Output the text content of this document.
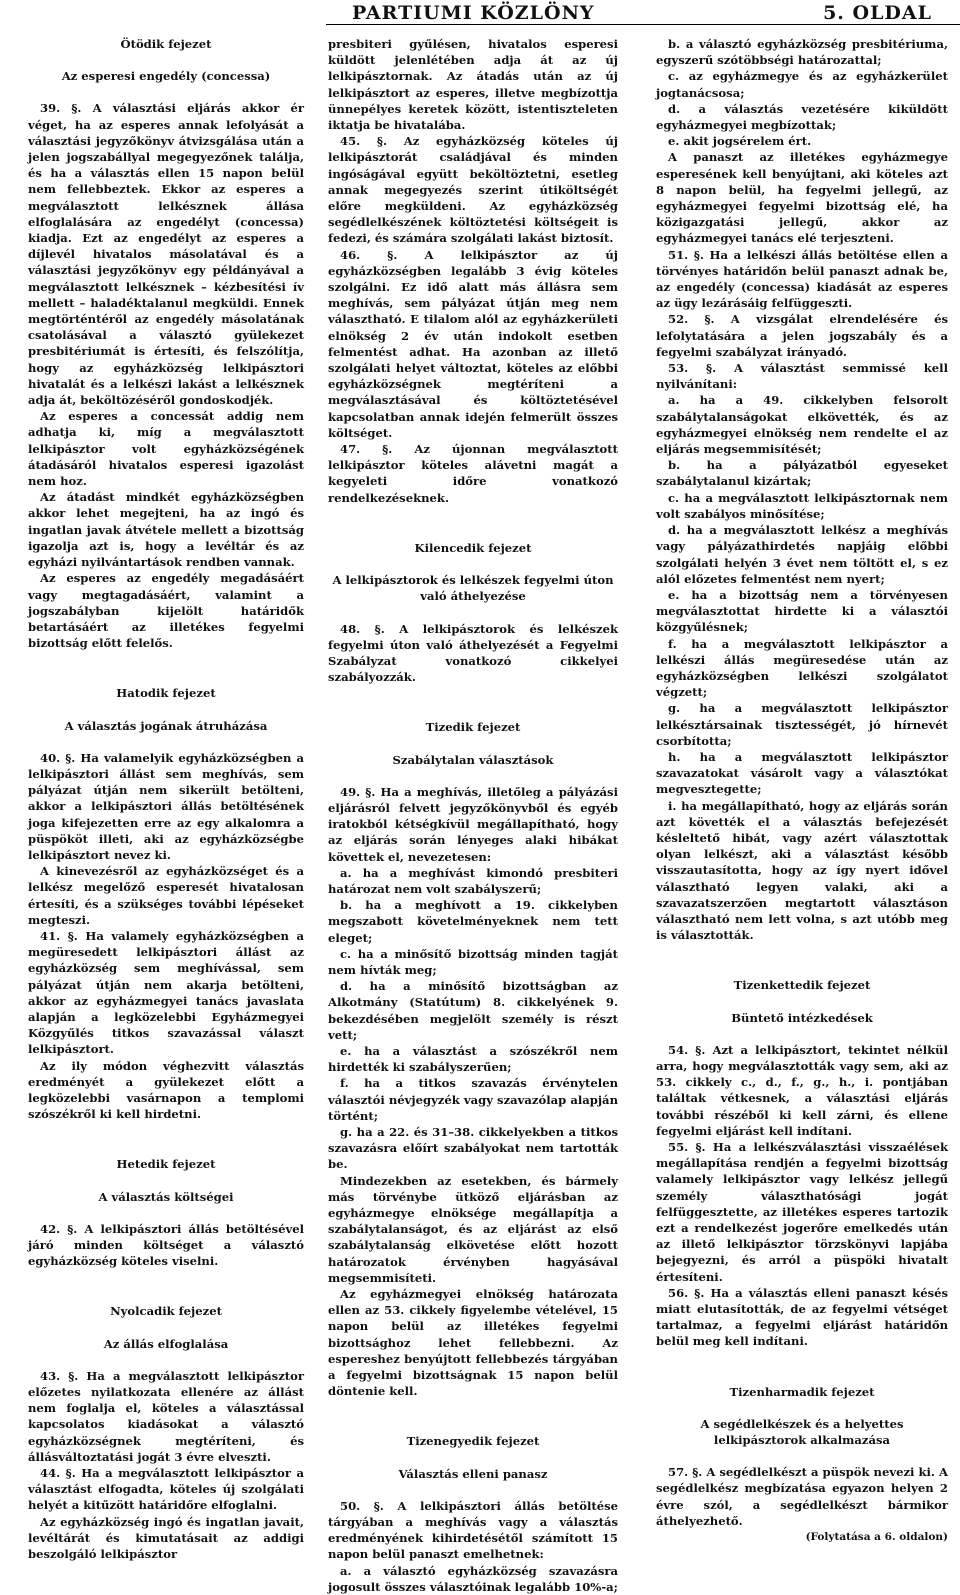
PARTIUMI KÖZLÖNY	5. OLDAL

Ötödik fejezet

Az esperesi engedély (concessa)

39. §. A választási eljárás akkor ér véget, ha az esperes annak lefolyását a választási jegyzőkönyv átvizsgálása után a jelen jogszabállyal megegyezőnek találja, és ha a választás ellen 15 napon belül nem fellebbeztek. Ekkor az esperes a megválasztott lelkésznek állása elfoglalására az engedélyt (concessa) kiadja. Ezt az engedélyt az esperes a díjlevél hivatalos másolatával és a választási jegyzőkönyv egy példányával a megválasztott lelkésznek – kézbesítési ív mellett – haladéktalanul megküldi. Ennek megtörténtéről az engedély másolatának csatolásával a választó gyülekezet presbitériumát is értesíti, és felszólítja, hogy az egyházközség lelkipásztori hivatalát és a lelkészi lakást a lelkésznek adja át, beköltözéséről gondoskodjék.

Az esperes a concessát addig nem adhatja ki, míg a megválasztott lelkipásztor volt egyházközségének átadásáról hivatalos esperesi igazolást nem hoz.

Az átadást mindkét egyházközségben akkor lehet megejteni, ha az ingó és ingatlan javak átvétele mellett a bizottság igazolja azt is, hogy a levéltár és az egyházi nyilvántartások rendben vannak.

Az esperes az engedély megadásáért vagy megtagadásáért, valamint a jogszabályban kijelölt határidők betartásáért az illetékes fegyelmi bizottság előtt felelős.

Hatodik fejezet

A választás jogának átruházása

40. §. Ha valamelyik egyházközségben a lelkipásztori állást sem meghívás, sem pályázat útján nem sikerült betölteni, akkor a lelkipásztori állás betöltésének joga kifejezetten erre az egy alkalomra a püspököt illeti, aki az egyházközségbe lelkipásztort nevez ki.

A kinevezésről az egyházközséget és a lelkész megelőző esperesét hivatalosan értesíti, és a szükséges további lépéseket megteszi.

41. §. Ha valamely egyházközségben a megüresedett lelkipásztori állást az egyházközség sem meghívással, sem pályázat útján nem akarja betölteni, akkor az egyházmegyei tanács javaslata alapján a legközelebbi Egyházmegyei Közgyűlés titkos szavazással választ lelkipásztort.

Az ily módon véghezvitt választás eredményét a gyülekezet előtt a legközelebbi vasárnapon a templomi szószékről ki kell hirdetni.

Hetedik fejezet

A választás költségei

42. §. A lelkipásztori állás betöltésével járó minden költséget a választó egyházközség köteles viselni.

Nyolcadik fejezet

Az állás elfoglalása

43. §. Ha a megválasztott lelkipásztor előzetes nyilatkozata ellenére az állást nem foglalja el, köteles a választással kapcsolatos kiadásokat a választó egyházközségnek megtéríteni, és állásváltoztatási jogát 3 évre elveszti.

44. §. Ha a megválasztott lelkipásztor a választást elfogadta, köteles új szolgálati helyét a kitűzött határidőre elfoglalni.

Az egyházközség ingó és ingatlan javait, levéltárát és kimutatásait az addigi beszolgáló lelkipásztor

presbiteri gyűlésen, hivatalos esperesi küldött jelenlétében adja át az új lelkipásztornak. Az átadás után az új lelkipásztort az esperes, illetve megbízottja ünnepélyes keretek között, istentiszteleten iktatja be hivatalába.

45. §. Az egyházközség köteles új lelkipásztorát családjával és minden ingóságával együtt beköltöztetni, esetleg annak megegyezés szerint útiköltségét előre megküldeni. Az egyházközség segédlelkészének költöztetési költségeit is fedezi, és számára szolgálati lakást biztosít.

46. §. A lelkipásztor az új egyházközségben legalább 3 évig köteles szolgálni. Ez idő alatt más állásra sem meghívás, sem pályázat útján meg nem választható. E tilalom alól az egyházkerületi elnökség 2 év után indokolt esetben felmentést adhat. Ha azonban az illető szolgálati helyet változtat, köteles az előbbi egyházközségnek megtéríteni a megválasztásával és költöztetésével kapcsolatban annak idején felmerült összes költséget.

47. §. Az újonnan megválasztott lelkipásztor köteles alávetni magát a kegyeleti időre vonatkozó rendelkezéseknek.

Kilencedik fejezet

A lelkipásztorok és lelkészek fegyelmi úton való áthelyezése

48. §. A lelkipásztorok és lelkészek fegyelmi úton való áthelyezését a Fegyelmi Szabályzat vonatkozó cikkelyei szabályozzák.

Tizedik fejezet

Szabálytalan választások

49. §. Ha a meghívás, illetőleg a pályázási eljárásról felvett jegyzőkönyvből és egyéb iratokból kétségkívül megállapítható, hogy az eljárás során lényeges alaki hibákat követtek el, nevezetesen:

a. ha a meghívást kimondó presbiteri határozat nem volt szabályszerű;

b. ha a meghívott a 19. cikkelyben megszabott követelményeknek nem tett eleget;

c. ha a minősítő bizottság minden tagját nem hívták meg;

d. ha a minősítő bizottságban az Alkotmány (Statútum) 8. cikkelyének 9. bekezdésében megjelölt személy is részt vett;

e. ha a választást a szószékről nem hirdették ki szabályszerűen;

f. ha a titkos szavazás érvénytelen választói névjegyzék vagy szavazólap alapján történt;

g. ha a 22. és 31–38. cikkelyekben a titkos szavazásra előírt szabályokat nem tartották be.

Mindezekben az esetekben, és bármely más törvénybe ütköző eljárásban az egyházmegye elnöksége megállapítja a szabálytalanságot, és az eljárást az első szabálytalanság elkövetése előtt hozott határozatok érvényben hagyásával megsemmisíteti.

Az egyházmegyei elnökség határozata ellen az 53. cikkely figyelembe vételével, 15 napon belül az illetékes fegyelmi bizottsághoz lehet fellebbezni. Az espereshez benyújtott fellebbezés tárgyában a fegyelmi bizottságnak 15 napon belül döntenie kell.

Tizenegyedik fejezet

Választás elleni panasz

50. §. A lelkipásztori állás betöltése tárgyában a meghívás vagy a választás eredményének kihirdetésétől számított 15 napon belül panaszt emelhetnek:

a. a választó egyházközség szavazásra jogosult összes választóinak legalább 10%-a;

b. a választó egyházközség presbitériuma, egyszerű szótöbbségi határozattal;

c. az egyházmegye és az egyházkerület jogtanácsosa;

d. a választás vezetésére kiküldött egyházmegyei megbízottak;

e. akit jogsérelem ért.

A panaszt az illetékes egyházmegye esperesének kell benyújtani, aki köteles azt 8 napon belül, ha fegyelmi jellegű, az egyházmegyei fegyelmi bizottság elé, ha közigazgatási jellegű, akkor az egyházmegyei tanács elé terjeszteni.

51. §. Ha a lelkészi állás betöltése ellen a törvényes határidőn belül panaszt adnak be, az engedély (concessa) kiadását az esperes az ügy lezárásáig felfüggeszti.

52. §. A vizsgálat elrendelésére és lefolytatására a jelen jogszabály és a fegyelmi szabályzat irányadó.

53. §. A választást semmissé kell nyilvánítani:

a. ha a 49. cikkelyben felsorolt szabálytalanságokat elkövették, és az egyházmegyei elnökség nem rendelte el az eljárás megsemmisítését;

b. ha a pályázatból egyeseket szabálytalanul kizártak;

c. ha a megválasztott lelkipásztornak nem volt szabályos minősítése;

d. ha a megválasztott lelkész a meghívás vagy pályázathirdetés napjáig előbbi szolgálati helyén 3 évet nem töltött el, s ez alól előzetes felmentést nem nyert;

e. ha a bizottság nem a törvényesen megválasztottat hirdette ki a választói közgyűlésnek;

f. ha a megválasztott lelkipásztor a lelkészi állás megüresedése után az egyházközségben lelkészi szolgálatot végzett;

g. ha a megválasztott lelkipásztor lelkésztársainak tisztességét, jó hírnevét csorbította;

h. ha a megválasztott lelkipásztor szavazatokat vásárolt vagy a választókat megvesztegette;

i. ha megállapítható, hogy az eljárás során azt követték el a választás befejezését késleltető hibát, vagy azért választottak olyan lelkészt, aki a választást később visszautasította, hogy az így nyert idővel választható legyen valaki, aki a szavazatszerzően megtartott választáson választható nem lett volna, s azt utóbb meg is választották.

Tizenkettedik fejezet

Büntető intézkedések

54. §. Azt a lelkipásztort, tekintet nélkül arra, hogy megválasztották vagy sem, aki az 53. cikkely c., d., f., g., h., i. pontjában találtak vétkesnek, a választási eljárás további részéből ki kell zárni, és ellene fegyelmi eljárást kell indítani.

55. §. Ha a lelkészválasztási visszaélések megállapítása rendjén a fegyelmi bizottság valamely lelkipásztor vagy lelkész jellegű személy választhatósági jogát felfüggesztette, az illetékes esperes tartozik ezt a rendelkezést jogerőre emelkedés után az illető lelkipásztor törzskönyvi lapjába bejegyezni, és arról a püspöki hivatalt értesíteni.

56. §. Ha a választás elleni panaszt késés miatt elutasították, de az fegyelmi vétséget tartalmaz, a fegyelmi eljárást határidőn belül meg kell indítani.

Tizenharmadik fejezet

A segédlelkészek és a helyettes lelkipásztorok alkalmazása

57. §. A segédlelkészt a püspök nevezi ki. A segédlelkész megbízatása egyazon helyen 2 évre szól, a segédlelkészt bármikor áthelyezhető.

(Folytatása a 6. oldalon)
